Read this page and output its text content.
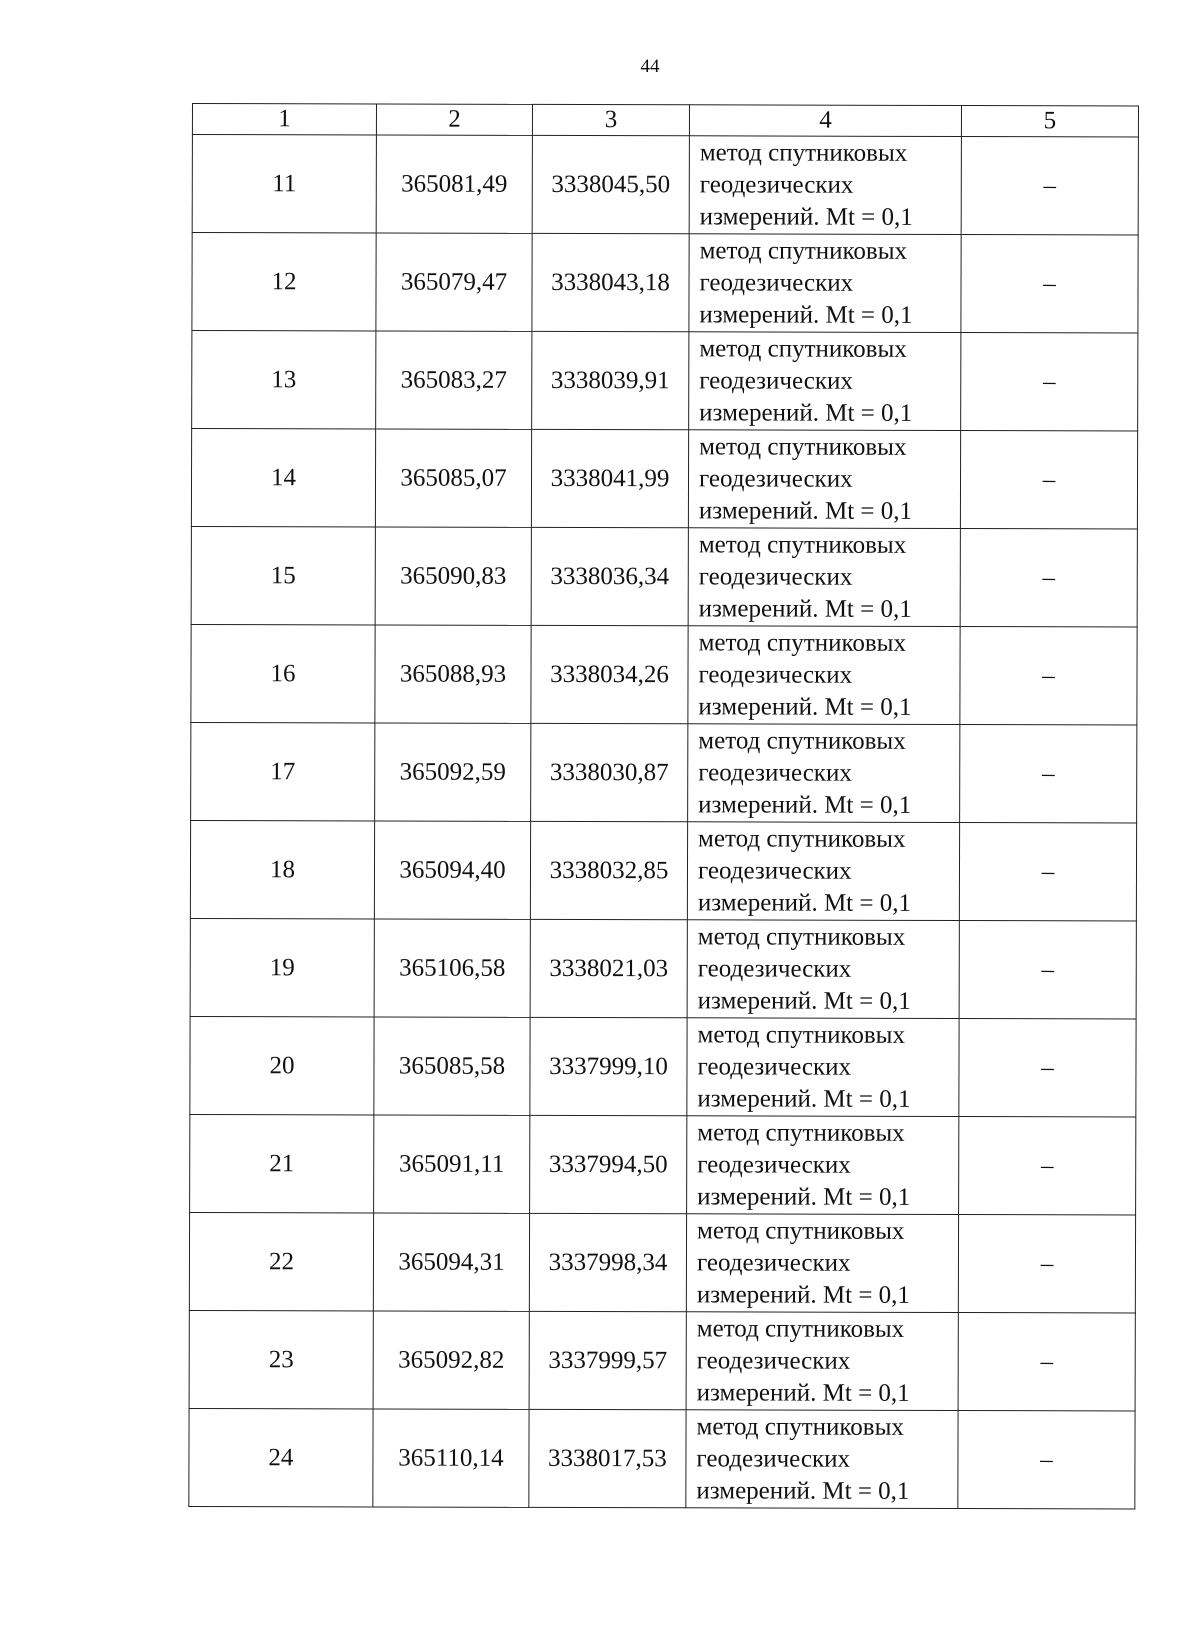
44
1	2	3	4	5
11	365081,49	3338045,50	метод спутниковых
геодезических
измерений. Mt = 0,1	–
12	365079,47	3338043,18	метод спутниковых
геодезических
измерений. Mt = 0,1	–
13	365083,27	3338039,91	метод спутниковых
геодезических
измерений. Mt = 0,1	–
14	365085,07	3338041,99	метод спутниковых
геодезических
измерений. Mt = 0,1	–
15	365090,83	3338036,34	метод спутниковых
геодезических
измерений. Mt = 0,1	–
16	365088,93	3338034,26	метод спутниковых
геодезических
измерений. Mt = 0,1	–
17	365092,59	3338030,87	метод спутниковых
геодезических
измерений. Mt = 0,1	–
18	365094,40	3338032,85	метод спутниковых
геодезических
измерений. Mt = 0,1	–
19	365106,58	3338021,03	метод спутниковых
геодезических
измерений. Mt = 0,1	–
20	365085,58	3337999,10	метод спутниковых
геодезических
измерений. Mt = 0,1	–
21	365091,11	3337994,50	метод спутниковых
геодезических
измерений. Mt = 0,1	–
22	365094,31	3337998,34	метод спутниковых
геодезических
измерений. Mt = 0,1	–
23	365092,82	3337999,57	метод спутниковых
геодезических
измерений. Mt = 0,1	–
24	365110,14	3338017,53	метод спутниковых
геодезических
измерений. Mt = 0,1	–
